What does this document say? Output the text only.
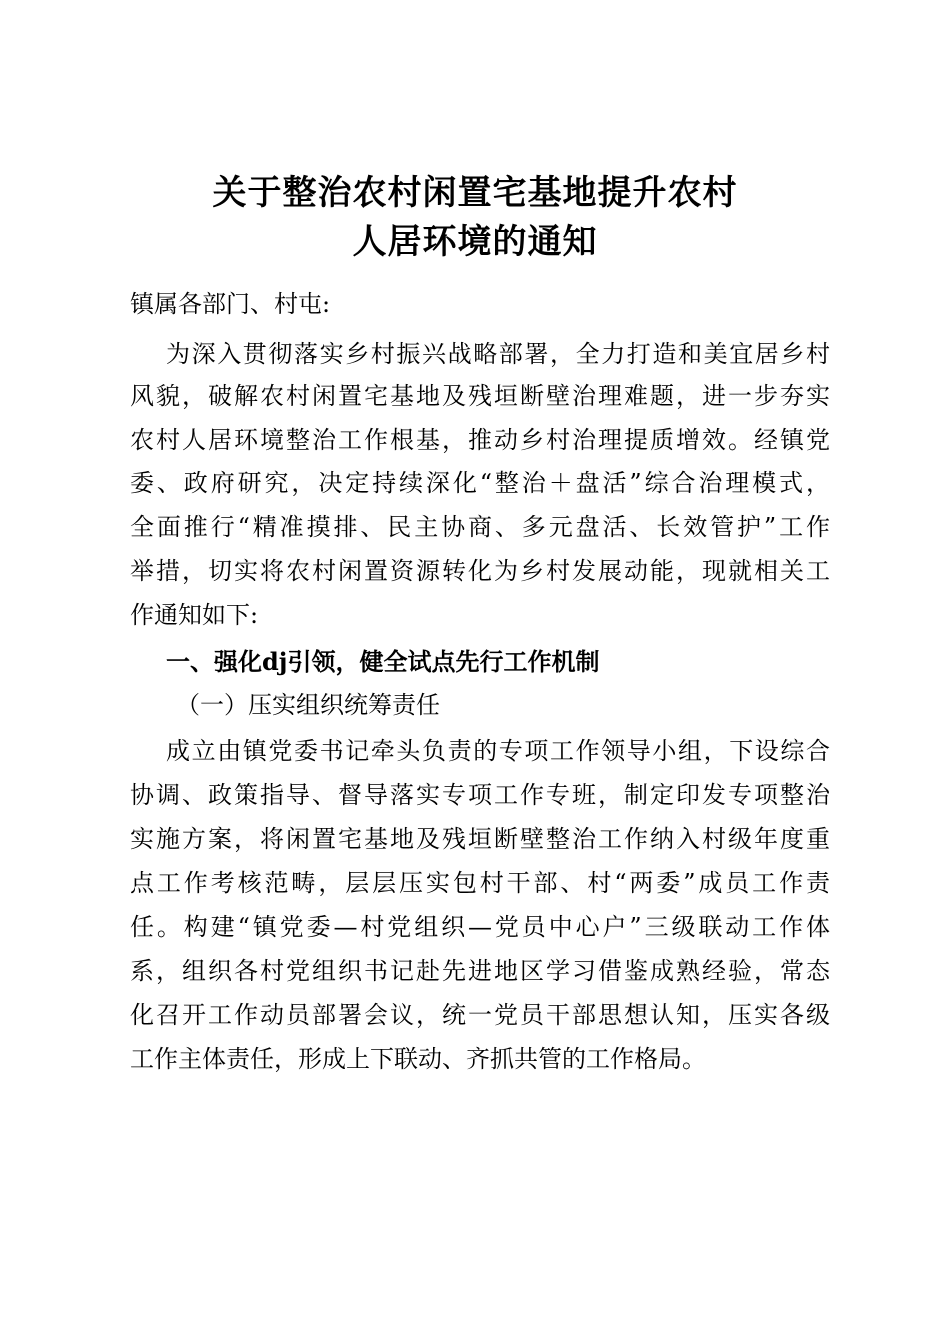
关于整治农村闲置宅基地提升农村
人居环境的通知
镇属各部门、村屯:
为深入贯彻落实乡村振兴战略部署，全力打造和美宜居乡村
风貌，破解农村闲置宅基地及残垣断壁治理难题，进一步夯实
农村人居环境整治工作根基，推动乡村治理提质增效。经镇党
委、政府研究，决定持续深化“整治＋盘活”综合治理模式，
全面推行“精准摸排、民主协商、多元盘活、长效管护”工作
举措，切实将农村闲置资源转化为乡村发展动能，现就相关工
作通知如下:
一、强化dj引领，健全试点先行工作机制
（一）压实组织统筹责任
成立由镇党委书记牵头负责的专项工作领导小组，下设综合
协调、政策指导、督导落实专项工作专班，制定印发专项整治
实施方案，将闲置宅基地及残垣断壁整治工作纳入村级年度重
点工作考核范畴，层层压实包村干部、村“两委”成员工作责
任。构建“镇党委—村党组织—党员中心户”三级联动工作体
系，组织各村党组织书记赴先进地区学习借鉴成熟经验，常态
化召开工作动员部署会议，统一党员干部思想认知，压实各级
工作主体责任，形成上下联动、齐抓共管的工作格局。
